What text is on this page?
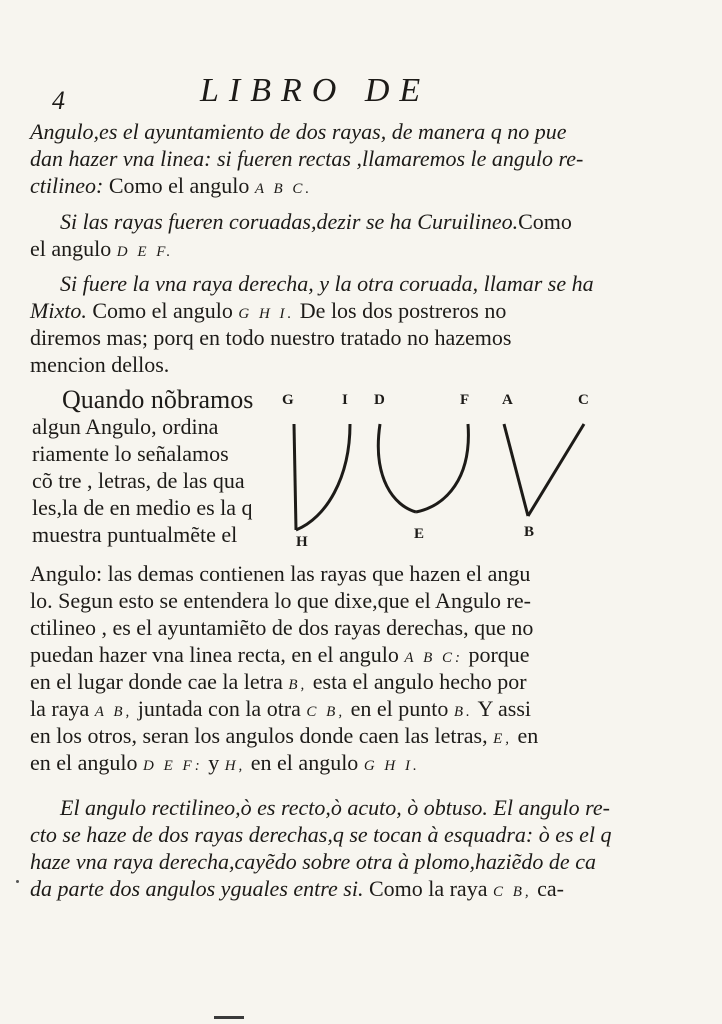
4	LIBRO DE
Angulo,es el ayuntamiento de dos rayas, de manera q no pue
dan hazer vna linea: si fueren rectas ,llamaremos le angulo re-
ctilineo: Como el angulo A B C.
Si las rayas fueren coruadas,dezir se ha Curuilineo.Como
el angulo D E F.
Si fuere la vna raya derecha, y la otra coruada, llamar se ha
Mixto. Como el angulo G H I. De los dos postreros no
diremos mas; porq en todo nuestro tratado no hazemos
mencion dellos.
Quando nõbramos
algun Angulo, ordina
riamente lo señalamos
cõ tre , letras, de las qua
les,la de en medio es la q
muestra puntualmẽte el
G	I D	F A	C
H	E	B
Angulo: las demas contienen las rayas que hazen el angu
lo. Segun esto se entendera lo que dixe,que el Angulo re-
ctilineo , es el ayuntamiẽto de dos rayas derechas, que no
puedan hazer vna linea recta, en el angulo A B C: porque
en el lugar donde cae la letra B, esta el angulo hecho por
la raya A B, juntada con la otra C B, en el punto B. Y assi
en los otros, seran los angulos donde caen las letras, E, en
en el angulo D E F: y H, en el angulo G H I.
El angulo rectilineo,ò es recto,ò acuto, ò obtuso. El angulo re-
cto se haze de dos rayas derechas,q se tocan à esquadra: ò es el q
haze vna raya derecha,cayẽdo sobre otra à plomo,haziẽdo de ca
da parte dos angulos yguales entre si. Como la raya C B, ca-
